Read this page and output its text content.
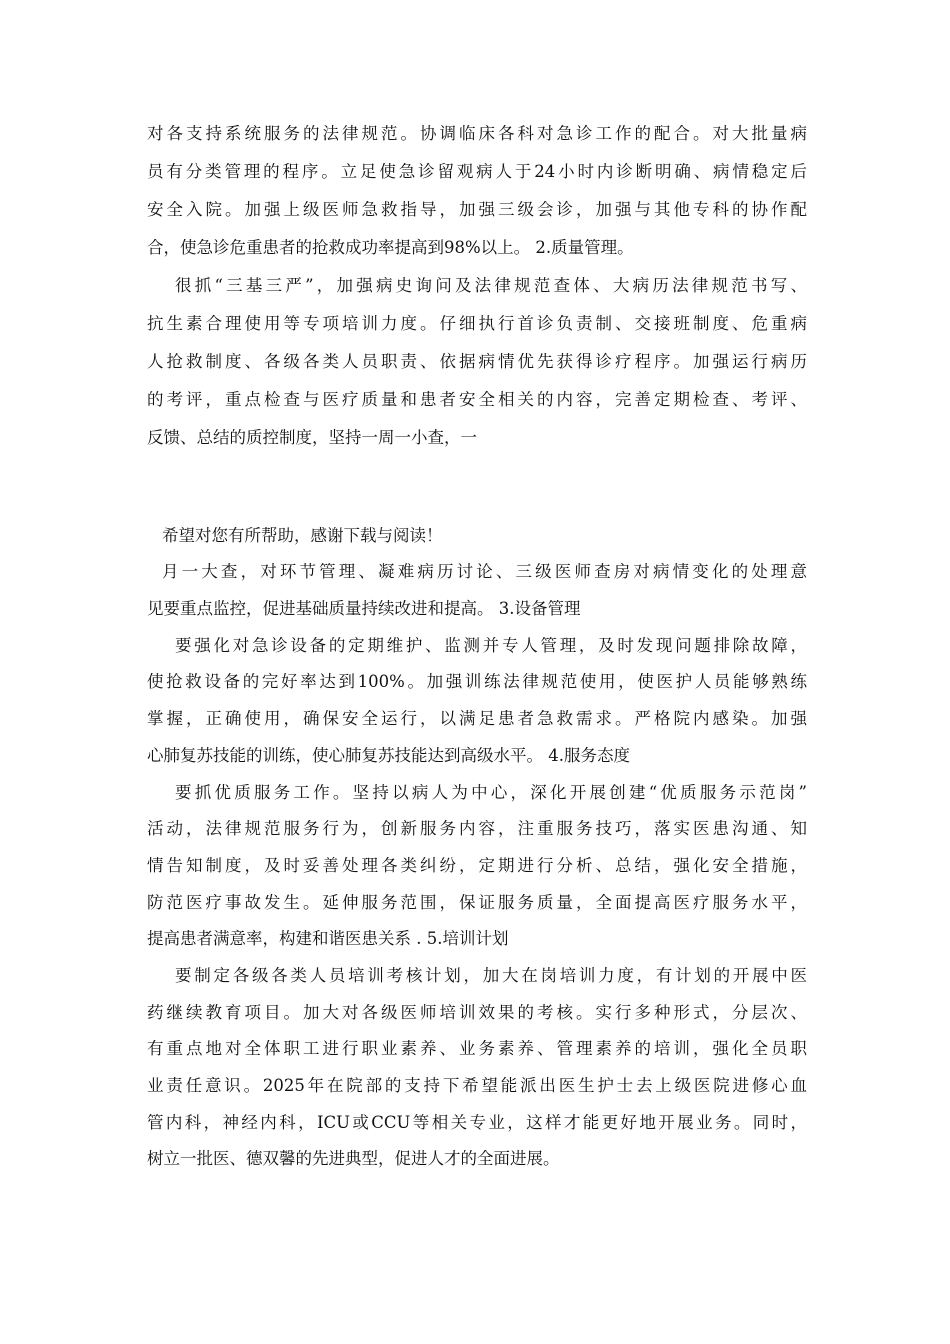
对各支持系统服务的法律规范。协调临床各科对急诊工作的配合。对大批量病

员有分类管理的程序。立足使急诊留观病人于24小时内诊断明确、病情稳定后

安全入院。加强上级医师急救指导，加强三级会诊，加强与其他专科的协作配

合，使急诊危重患者的抢救成功率提高到98%以上。 2.质量管理。

很抓“三基三严”，加强病史询问及法律规范查体、大病历法律规范书写、

抗生素合理使用等专项培训力度。仔细执行首诊负责制、交接班制度、危重病

人抢救制度、各级各类人员职责、依据病情优先获得诊疗程序。加强运行病历

的考评，重点检查与医疗质量和患者安全相关的内容，完善定期检查、考评、

反馈、总结的质控制度，坚持一周一小查，一

希望对您有所帮助，感谢下载与阅读！

月一大查，对环节管理、凝难病历讨论、三级医师查房对病情变化的处理意

见要重点监控，促进基础质量持续改进和提高。 3.设备管理

要强化对急诊设备的定期维护、监测并专人管理，及时发现问题排除故障，

使抢救设备的完好率达到100%。加强训练法律规范使用，使医护人员能够熟练

掌握，正确使用，确保安全运行，以满足患者急救需求。严格院内感染。加强

心肺复苏技能的训练，使心肺复苏技能达到高级水平。 4.服务态度

要抓优质服务工作。坚持以病人为中心，深化开展创建“优质服务示范岗”

活动，法律规范服务行为，创新服务内容，注重服务技巧，落实医患沟通、知

情告知制度，及时妥善处理各类纠纷，定期进行分析、总结，强化安全措施，

防范医疗事故发生。延伸服务范围，保证服务质量，全面提高医疗服务水平，

提高患者满意率，构建和谐医患关系 . 5.培训计划

要制定各级各类人员培训考核计划，加大在岗培训力度，有计划的开展中医

药继续教育项目。加大对各级医师培训效果的考核。实行多种形式，分层次、

有重点地对全体职工进行职业素养、业务素养、管理素养的培训，强化全员职

业责任意识。2025年在院部的支持下希望能派出医生护士去上级医院进修心血

管内科，神经内科，ICU或CCU等相关专业，这样才能更好地开展业务。同时，

树立一批医、德双馨的先进典型，促进人才的全面进展。
